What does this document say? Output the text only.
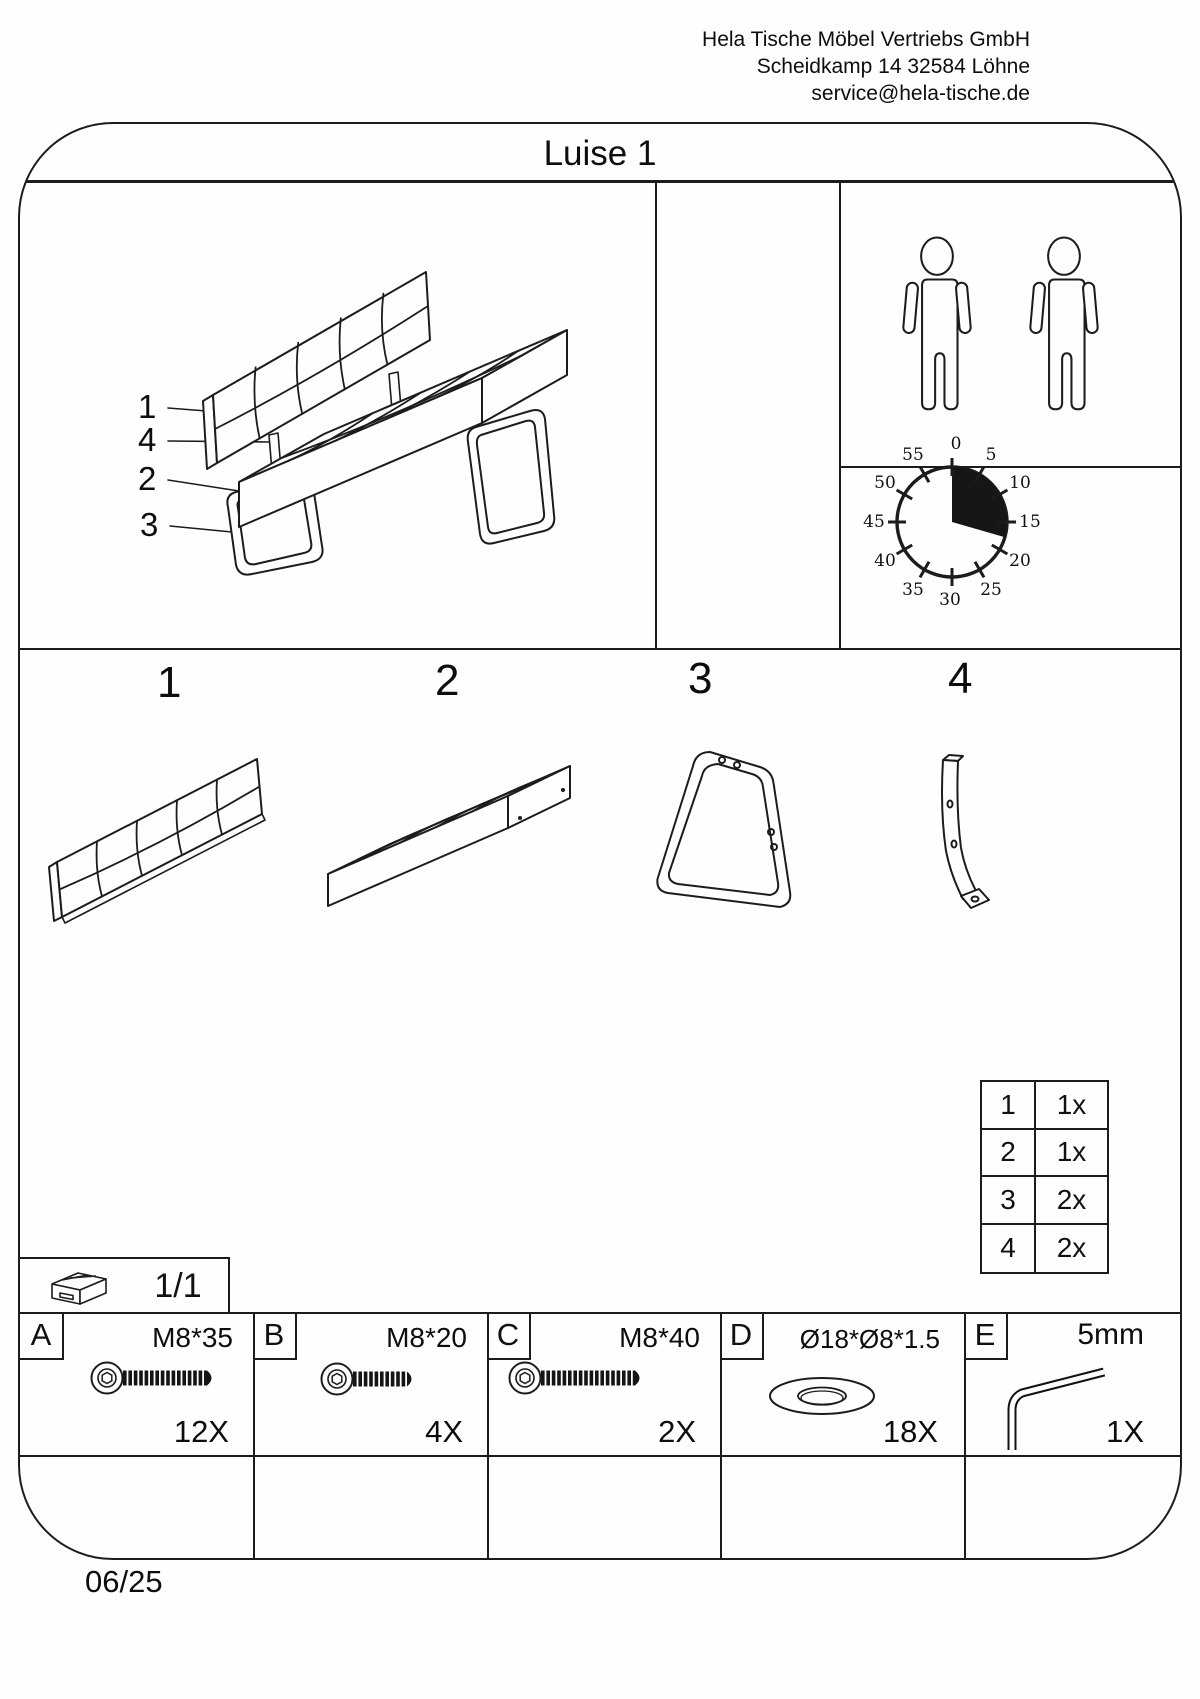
Hela Tische Möbel Vertriebs GmbH
Scheidkamp 14 32584 Löhne
service@hela-tische.de
Luise 1
1
4
2
3
0
5
10
15
20
25
30
35
40
45
50
55
1	2	3	4
1	1x
2	1x
3	2x
4	2x
1/1
A	M8*35
12X
B	M8*20
4X
C	M8*40
2X
D	Ø18*Ø8*1.5
18X
E	5mm
1X
06/25
